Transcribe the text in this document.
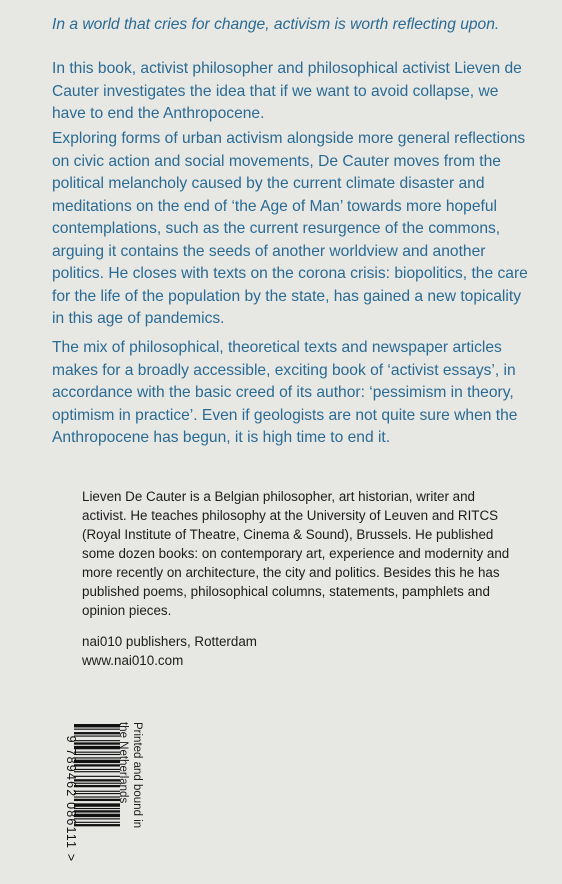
In a world that cries for change, activism is worth reflecting upon.

In this book, activist philosopher and philosophical activist Lieven de Cauter investigates the idea that if we want to avoid collapse, we have to end the Anthropocene.

Exploring forms of urban activism alongside more general reflections on civic action and social movements, De Cauter moves from the political melancholy caused by the current climate disaster and meditations on the end of ‘the Age of Man’ towards more hopeful contemplations, such as the current resurgence of the commons, arguing it contains the seeds of another worldview and another politics. He closes with texts on the corona crisis: biopolitics, the care for the life of the population by the state, has gained a new topicality in this age of pandemics.

The mix of philosophical, theoretical texts and newspaper articles makes for a broadly accessible, exciting book of ‘activist essays’, in accordance with the basic creed of its author: ‘pessimism in theory, optimism in practice’. Even if geologists are not quite sure when the Anthropocene has begun, it is high time to end it.

Lieven De Cauter is a Belgian philosopher, art historian, writer and activist. He teaches philosophy at the University of Leuven and RITCS (Royal Institute of Theatre, Cinema & Sound), Brussels. He published some dozen books: on contemporary art, experience and modernity and more recently on architecture, the city and politics. Besides this he has published poems, philosophical columns, statements, pamphlets and opinion pieces.

nai010 publishers, Rotterdam

www.nai010.com

9 789462 086111 >	Printed and bound in
the Netherlands
